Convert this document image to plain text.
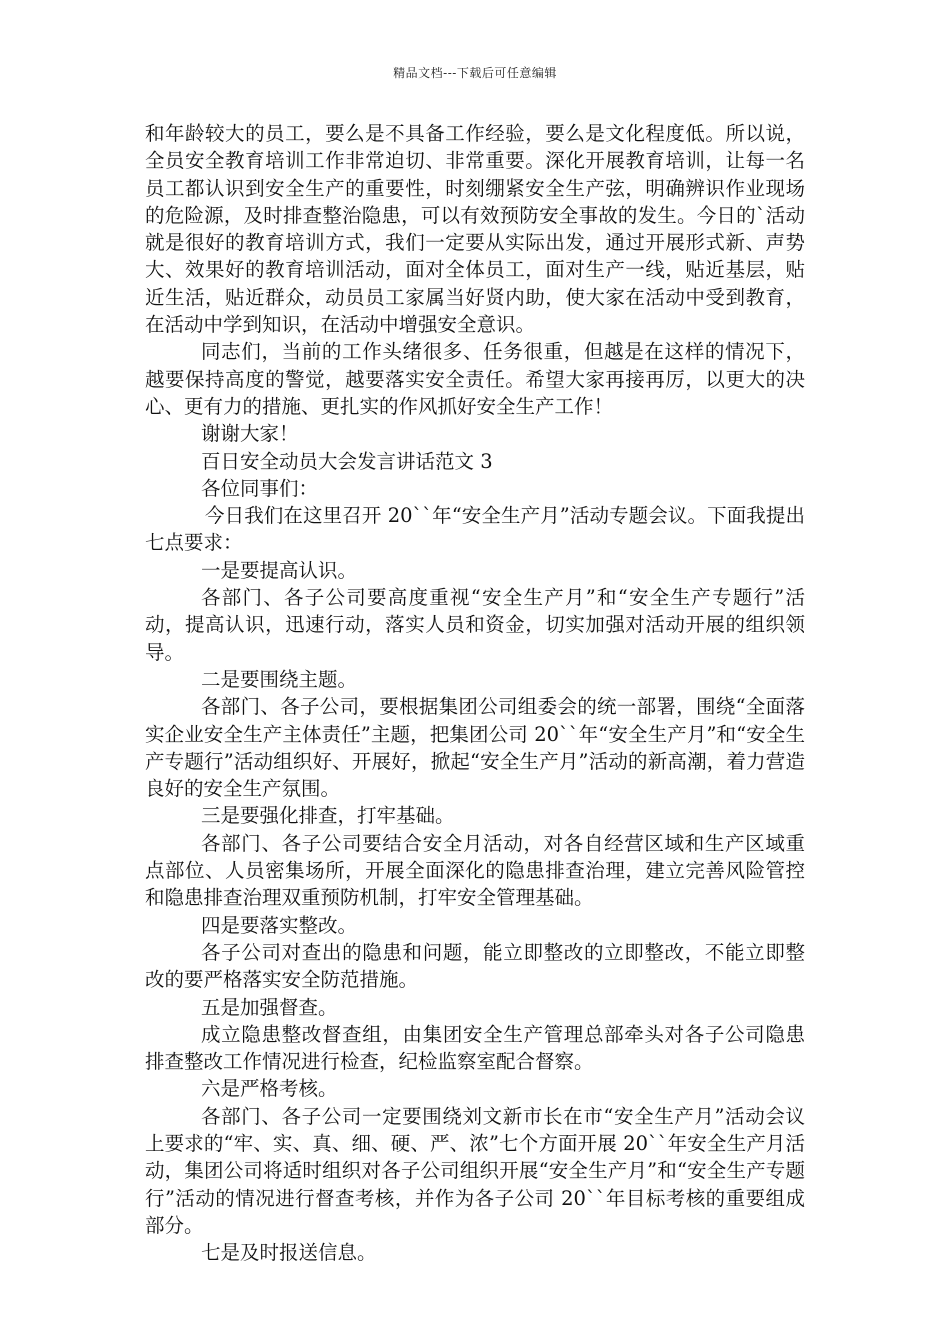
精品文档---下载后可任意编辑

和年龄较大的员工，要么是不具备工作经验，要么是文化程度低。所以说，全员安全教育培训工作非常迫切、非常重要。深化开展教育培训，让每一名员工都认识到安全生产的重要性，时刻绷紧安全生产弦，明确辨识作业现场的危险源，及时排查整治隐患，可以有效预防安全事故的发生。今日的`活动就是很好的教育培训方式，我们一定要从实际出发，通过开展形式新、声势大、效果好的教育培训活动，面对全体员工，面对生产一线，贴近基层，贴近生活，贴近群众，动员员工家属当好贤内助，使大家在活动中受到教育，在活动中学到知识，在活动中增强安全意识。

同志们，当前的工作头绪很多、任务很重，但越是在这样的情况下，越要保持高度的警觉，越要落实安全责任。希望大家再接再厉，以更大的决心、更有力的措施、更扎实的作风抓好安全生产工作！

谢谢大家！

百日安全动员大会发言讲话范文 3

各位同事们：

今日我们在这里召开 20``年“安全生产月”活动专题会议。下面我提出七点要求：

一是要提高认识。

各部门、各子公司要高度重视“安全生产月”和“安全生产专题行”活动，提高认识，迅速行动，落实人员和资金，切实加强对活动开展的组织领导。

二是要围绕主题。

各部门、各子公司，要根据集团公司组委会的统一部署，围绕“全面落实企业安全生产主体责任”主题，把集团公司 20``年“安全生产月”和“安全生产专题行”活动组织好、开展好，掀起“安全生产月”活动的新高潮，着力营造良好的安全生产氛围。

三是要强化排查，打牢基础。

各部门、各子公司要结合安全月活动，对各自经营区域和生产区域重点部位、人员密集场所，开展全面深化的隐患排查治理，建立完善风险管控和隐患排查治理双重预防机制，打牢安全管理基础。

四是要落实整改。

各子公司对查出的隐患和问题，能立即整改的立即整改，不能立即整改的要严格落实安全防范措施。

五是加强督查。

成立隐患整改督查组，由集团安全生产管理总部牵头对各子公司隐患排查整改工作情况进行检查，纪检监察室配合督察。

六是严格考核。

各部门、各子公司一定要围绕刘文新市长在市“安全生产月”活动会议上要求的“牢、实、真、细、硬、严、浓”七个方面开展 20``年安全生产月活动，集团公司将适时组织对各子公司组织开展“安全生产月”和“安全生产专题行”活动的情况进行督查考核，并作为各子公司 20``年目标考核的重要组成部分。

七是及时报送信息。
